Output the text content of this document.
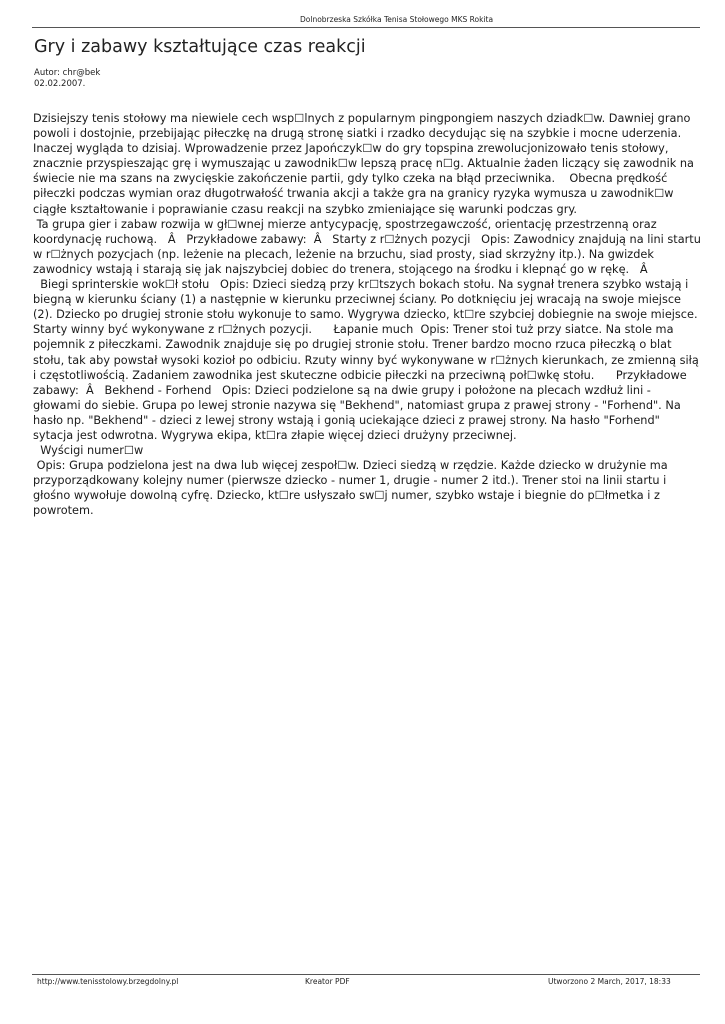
Dolnobrzeska Szkółka Tenisa Stołowego MKS Rokita
Gry i zabawy kształtujące czas reakcji
Autor: chr@bek
02.02.2007.

Dzisiejszy tenis stołowy ma niewiele cech wsp☐lnych z popularnym pingpongiem naszych dziadk☐w. Dawniej grano powoli i dostojnie, przebijając piłeczkę na drugą stronę siatki i rzadko decydując się na szybkie i mocne uderzenia. Inaczej wygląda to dzisiaj. Wprowadzenie przez Japończyk☐w do gry topspina zrewolucjonizowało tenis stołowy, znacznie przyspieszając grę i wymuszając u zawodnik☐w lepszą pracę n☐g. Aktualnie żaden liczący się zawodnik na świecie nie ma szans na zwycięskie zakończenie partii, gdy tylko czeka na błąd przeciwnika.    Obecna prędkość piłeczki podczas wymian oraz długotrwałość trwania akcji a także gra na granicy ryzyka wymusza u zawodnik☐w ciągłe kształtowanie i poprawianie czasu reakcji na szybko zmieniające się warunki podczas gry.

Ta grupa gier i zabaw rozwija w gł☐wnej mierze antycypację, spostrzegawczość, orientację przestrzenną oraz koordynację ruchową.   Â   Przykładowe zabawy:  Â   Starty z r☐żnych pozycji   Opis: Zawodnicy znajdują na lini startu w r☐żnych pozycjach (np. leżenie na plecach, leżenie na brzuchu, siad prosty, siad skrzyżny itp.). Na gwizdek zawodnicy wstają i starają się jak najszybciej dobiec do trenera, stojącego na środku i klepnąć go w rękę.   Â

Biegi sprinterskie wok☐ł stołu   Opis: Dzieci siedzą przy kr☐tszych bokach stołu. Na sygnał trenera szybko wstają i biegną w kierunku ściany (1) a następnie w kierunku przeciwnej ściany. Po dotknięciu jej wracają na swoje miejsce (2). Dziecko po drugiej stronie stołu wykonuje to samo. Wygrywa dziecko, kt☐re szybciej dobiegnie na swoje miejsce. Starty winny być wykonywane z r☐żnych pozycji.      Łapanie much  Opis: Trener stoi tuż przy siatce. Na stole ma pojemnik z piłeczkami. Zawodnik znajduje się po drugiej stronie stołu. Trener bardzo mocno rzuca piłeczką o blat stołu, tak aby powstał wysoki kozioł po odbiciu. Rzuty winny być wykonywane w r☐żnych kierunkach, ze zmienną siłą i częstotliwością. Zadaniem zawodnika jest skuteczne odbicie piłeczki na przeciwną poł☐wkę stołu.      Przykładowe zabawy:  Â   Bekhend - Forhend   Opis: Dzieci podzielone są na dwie grupy i położone na plecach wzdłuż lini - głowami do siebie. Grupa po lewej stronie nazywa się "Bekhend", natomiast grupa z prawej strony - "Forhend". Na hasło np. "Bekhend" - dzieci z lewej strony wstają i gonią uciekające dzieci z prawej strony. Na hasło "Forhend" sytacja jest odwrotna. Wygrywa ekipa, kt☐ra złapie więcej dzieci drużyny przeciwnej.

Wyścigi numer☐w

Opis: Grupa podzielona jest na dwa lub więcej zespoł☐w. Dzieci siedzą w rzędzie. Każde dziecko w drużynie ma przyporządkowany kolejny numer (pierwsze dziecko - numer 1, drugie - numer 2 itd.). Trener stoi na linii startu i głośno wywołuje dowolną cyfrę. Dziecko, kt☐re usłyszało sw☐j numer, szybko wstaje i biegnie do p☐łmetka i z powrotem.

http://www.tenisstolowy.brzegdolny.pl	Kreator PDF	Utworzono 2 March, 2017, 18:33
